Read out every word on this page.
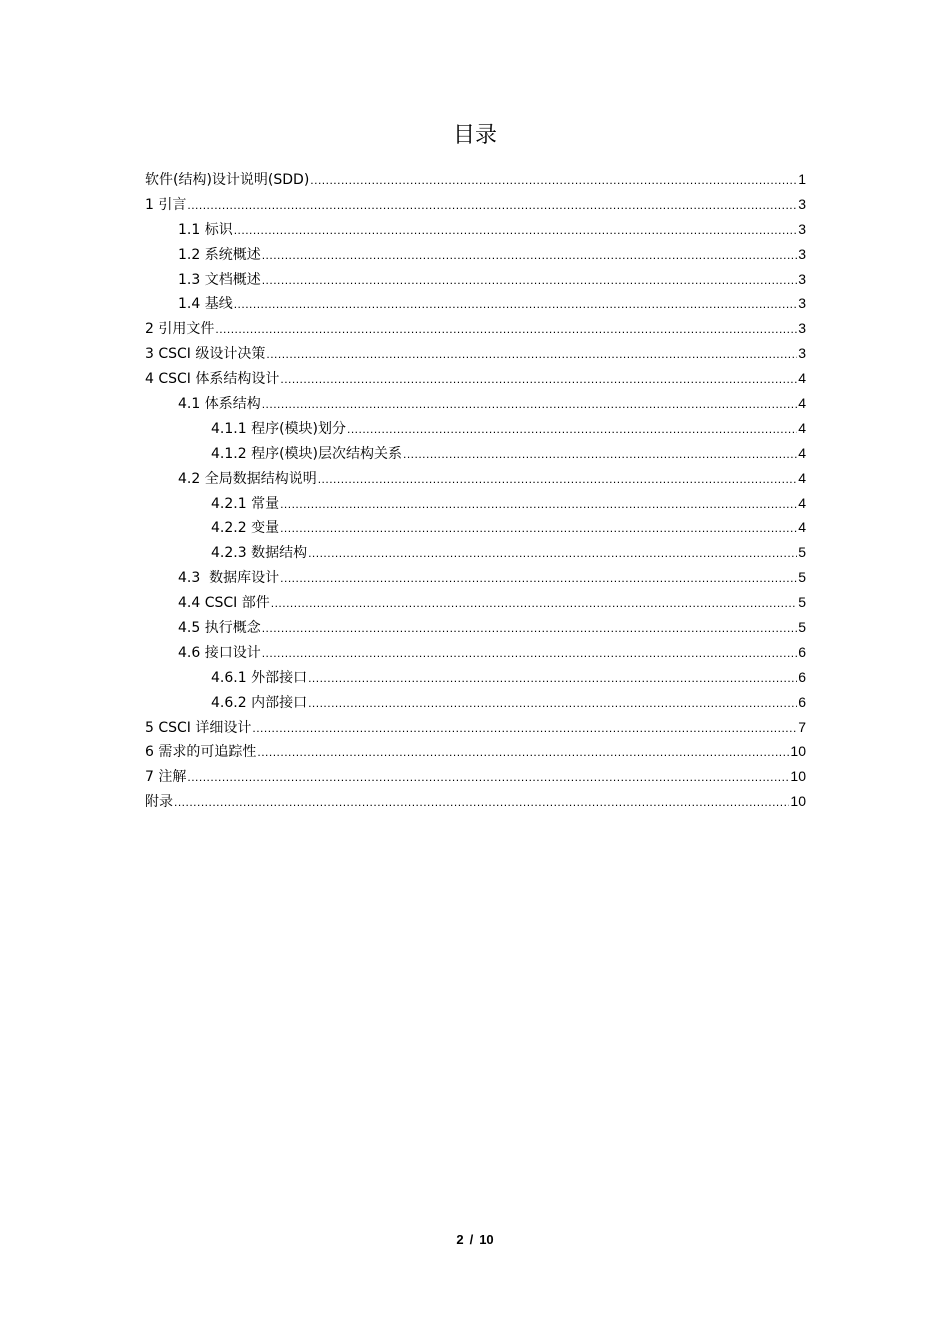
目录
软件(结构)设计说明(SDD) .....	1
1 引言 .....	3
1.1 标识 .....	3
1.2 系统概述 .....	3
1.3 文档概述 .....	3
1.4 基线 .....	3
2 引用文件 .....	3
3 CSCI 级设计决策 .....	3
4 CSCI 体系结构设计 .....	4
4.1 体系结构 .....	4
4.1.1 程序(模块)划分 .....	4
4.1.2 程序(模块)层次结构关系 .....	4
4.2 全局数据结构说明 .....	4
4.2.1 常量 .....	4
4.2.2 变量 .....	4
4.2.3 数据结构 .....	5
4.3  数据库设计 .....	5
4.4 CSCI 部件 .....	5
4.5 执行概念 .....	5
4.6 接口设计 .....	6
4.6.1 外部接口 .....	6
4.6.2 内部接口 .....	6
5 CSCI 详细设计 .....	7
6 需求的可追踪性 .....	10
7 注解 .....	10
附录 .....	10
2 / 10
